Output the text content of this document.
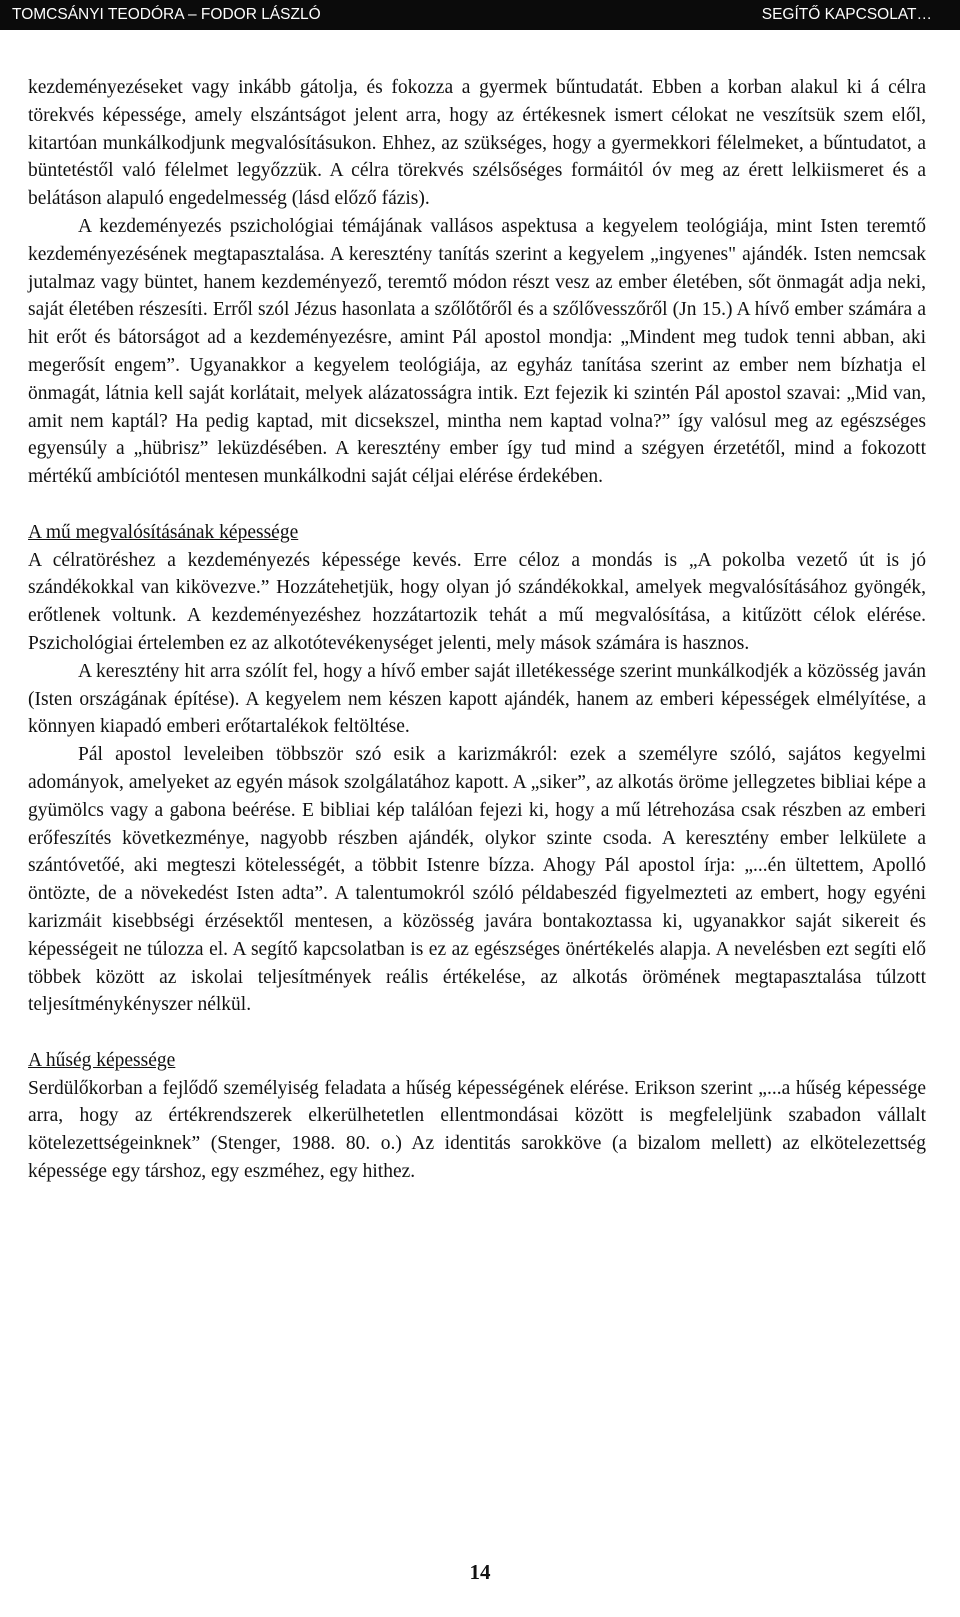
TOMCSÁNYI TEODÓRA – FODOR LÁSZLÓ	SEGÍTŐ KAPCSOLAT…

kezdeményezéseket vagy inkább gátolja, és fokozza a gyermek bűntudatát. Ebben a korban alakul ki á célra törekvés képessége, amely elszántságot jelent arra, hogy az értékesnek ismert célokat ne veszítsük szem elől, kitartóan munkálkodjunk megvalósításukon. Ehhez, az szükséges, hogy a gyermekkori félelmeket, a bűntudatot, a büntetéstől való félelmet legyőzzük. A célra törekvés szélsőséges formáitól óv meg az érett lelkiismeret és a belátáson alapuló engedelmesség (lásd előző fázis).

A kezdeményezés pszichológiai témájának vallásos aspektusa a kegyelem teológiája, mint Isten teremtő kezdeményezésének megtapasztalása. A keresztény tanítás szerint a kegyelem „ingyenes" ajándék. Isten nemcsak jutalmaz vagy büntet, hanem kezdeményező, teremtő módon részt vesz az ember életében, sőt önmagát adja neki, saját életében részesíti. Erről szól Jézus hasonlata a szőlőtőről és a szőlővesszőről (Jn 15.) A hívő ember számára a hit erőt és bátorságot ad a kezdeményezésre, amint Pál apostol mondja: „Mindent meg tudok tenni abban, aki megerősít engem”. Ugyanakkor a kegyelem teológiája, az egyház tanítása szerint az ember nem bízhatja el önmagát, látnia kell saját korlátait, melyek alázatosságra intik. Ezt fejezik ki szintén Pál apostol szavai: „Mid van, amit nem kaptál? Ha pedig kaptad, mit dicsekszel, mintha nem kaptad volna?” így valósul meg az egészséges egyensúly a „hübrisz” leküzdésében. A keresztény ember így tud mind a szégyen érzetétől, mind a fokozott mértékű ambíciótól mentesen munkálkodni saját céljai elérése érdekében.

A mű megvalósításának képessége

A célratöréshez a kezdeményezés képessége kevés. Erre céloz a mondás is „A pokolba vezető út is jó szándékokkal van kikövezve.” Hozzátehetjük, hogy olyan jó szándékokkal, amelyek megvalósításához gyöngék, erőtlenek voltunk. A kezdeményezéshez hozzátartozik tehát a mű megvalósítása, a kitűzött célok elérése. Pszichológiai értelemben ez az alkotótevékenységet jelenti, mely mások számára is hasznos.

A keresztény hit arra szólít fel, hogy a hívő ember saját illetékessége szerint munkálkodjék a közösség javán (Isten országának építése). A kegyelem nem készen kapott ajándék, hanem az emberi képességek elmélyítése, a könnyen kiapadó emberi erőtartalékok feltöltése.

Pál apostol leveleiben többször szó esik a karizmákról: ezek a személyre szóló, sajátos kegyelmi adományok, amelyeket az egyén mások szolgálatához kapott. A „siker”, az alkotás öröme jellegzetes bibliai képe a gyümölcs vagy a gabona beérése. E bibliai kép találóan fejezi ki, hogy a mű létrehozása csak részben az emberi erőfeszítés következménye, nagyobb részben ajándék, olykor szinte csoda. A keresztény ember lelkülete a szántóvetőé, aki megteszi kötelességét, a többit Istenre bízza. Ahogy Pál apostol írja: „...én ültettem, Apolló öntözte, de a növekedést Isten adta”. A talentumokról szóló példabeszéd figyelmezteti az embert, hogy egyéni karizmáit kisebbségi érzésektől mentesen, a közösség javára bontakoztassa ki, ugyanakkor saját sikereit és képességeit ne túlozza el. A segítő kapcsolatban is ez az egészséges önértékelés alapja. A nevelésben ezt segíti elő többek között az iskolai teljesítmények reális értékelése, az alkotás örömének megtapasztalása túlzott teljesítménykényszer nélkül.

A hűség képessége

Serdülőkorban a fejlődő személyiség feladata a hűség képességének elérése. Erikson szerint „...a hűség képessége arra, hogy az értékrendszerek elkerülhetetlen ellentmondásai között is megfeleljünk szabadon vállalt kötelezettségeinknek” (Stenger, 1988. 80. o.) Az identitás sarokköve (a bizalom mellett) az elkötelezettség képessége egy társhoz, egy eszméhez, egy hithez.

14
